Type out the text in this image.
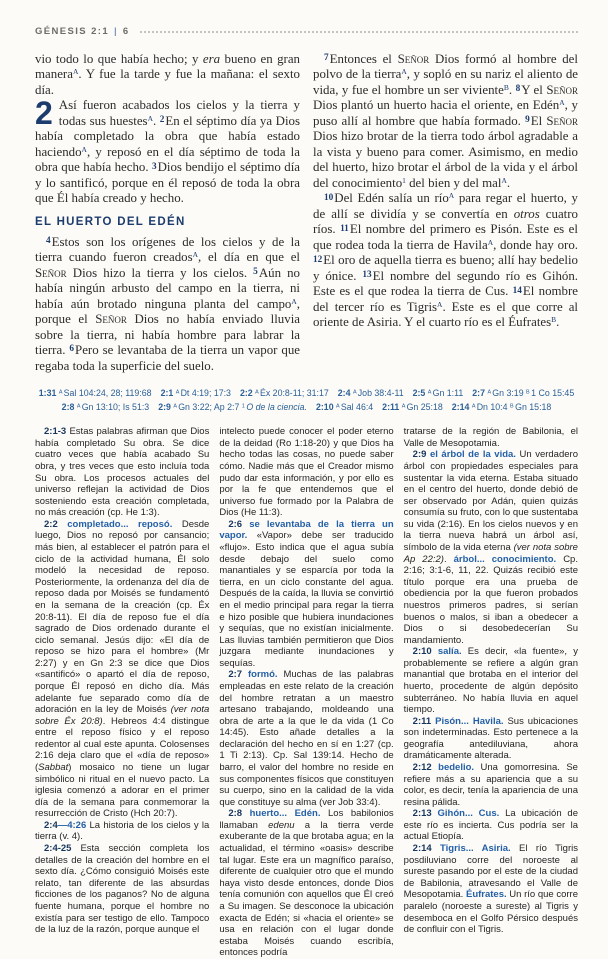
GÉNESIS 2:1 | 6

vio todo lo que había hecho; y era bueno en gran manera$^A$. Y fue la tarde y fue la mañana: el sexto día.

2 Así fueron acabados los cielos y la tierra y todas sus huestes$^A$. $^2$En el séptimo día ya Dios había completado la obra que había estado haciendo$^A$, y reposó en el día séptimo de toda la obra que había hecho. $^3$Dios bendijo el séptimo día y lo santificó, porque en él reposó de toda la obra que Él había creado y hecho.

EL HUERTO DEL EDÉN

$^4$Estos son los orígenes de los cielos y de la tierra cuando fueron creados$^A$, el día en que el Señor Dios hizo la tierra y los cielos. $^5$Aún no había ningún arbusto del campo en la tierra, ni había aún brotado ninguna planta del campo$^A$, porque el Señor Dios no había enviado lluvia sobre la tierra, ni había hombre para labrar la tierra. $^6$Pero se levantaba de la tierra un vapor que regaba toda la superficie del suelo.

$^7$Entonces el Señor Dios formó al hombre del polvo de la tierra$^A$, y sopló en su nariz el aliento de vida, y fue el hombre un ser viviente$^B$. $^8$Y el Señor Dios plantó un huerto hacia el oriente, en Edén$^A$, y puso allí al hombre que había formado. $^9$El Señor Dios hizo brotar de la tierra todo árbol agradable a la vista y bueno para comer. Asimismo, en medio del huerto, hizo brotar el árbol de la vida y el árbol del conocimiento$^1$ del bien y del mal$^A$.

$^{10}$Del Edén salía un río$^A$ para regar el huerto, y de allí se dividía y se convertía en otros cuatro ríos. $^{11}$El nombre del primero es Pisón. Este es el que rodea toda la tierra de Havila$^A$, donde hay oro. $^{12}$El oro de aquella tierra es bueno; allí hay bedelio y ónice. $^{13}$El nombre del segundo río es Gihón. Este es el que rodea la tierra de Cus. $^{14}$El nombre del tercer río es Tigris$^A$. Este es el que corre al oriente de Asiria. Y el cuarto río es el Éufrates$^B$.

1:31 $^A$ Sal 104:24, 28; 119:68 2:1 $^A$ Dt 4:19; 17:3 2:2 $^A$ Éx 20:8-11; 31:17 2:4 $^A$ Job 38:4-11 2:5 $^A$ Gn 1:11 2:7 $^A$ Gn 3:19 $^B$ 1 Co 15:45
2:8 $^A$ Gn 13:10; Is 51:3 2:9 $^A$ Gn 3:22; Ap 2:7 $^1$ O de la ciencia. 2:10 $^A$ Sal 46:4 2:11 $^A$ Gn 25:18 2:14 $^A$ Dn 10:4 $^B$ Gn 15:18

2:1-3 Estas palabras afirman que Dios había completado Su obra. Se dice cuatro veces que había acabado Su obra, y tres veces que esto incluía toda Su obra. Los procesos actuales del universo reflejan la actividad de Dios sosteniendo esta creación completada, no más creación (cp. He 1:3).

2:2 completado... reposó. Desde luego, Dios no reposó por cansancio; más bien, al establecer el patrón para el ciclo de la actividad humana, Él solo modeló la necesidad de reposo. Posteriormente, la ordenanza del día de reposo dada por Moisés se fundamentó en la semana de la creación (cp. Éx 20:8-11). El día de reposo fue el día sagrado de Dios ordenado durante el ciclo semanal. Jesús dijo: «El día de reposo se hizo para el hombre» (Mr 2:27) y en Gn 2:3 se dice que Dios «santificó» o apartó el día de reposo, porque Él reposó en dicho día. Más adelante fue separado como día de adoración en la ley de Moisés (ver nota sobre Éx 20:8). Hebreos 4:4 distingue entre el reposo físico y el reposo redentor al cual este apunta. Colosenses 2:16 deja claro que el «día de reposo» (Sabbat) mosaico no tiene un lugar simbólico ni ritual en el nuevo pacto. La iglesia comenzó a adorar en el primer día de la semana para conmemorar la resurrección de Cristo (Hch 20:7).

2:4—4:26 La historia de los cielos y la tierra (v. 4).

2:4-25 Esta sección completa los detalles de la creación del hombre en el sexto día. ¿Cómo consiguió Moisés este relato, tan diferente de las absurdas ficciones de los paganos? No de alguna fuente humana, porque el hombre no existía para ser testigo de ello. Tampoco de la luz de la razón, porque aunque el

intelecto puede conocer el poder eterno de la deidad (Ro 1:18-20) y que Dios ha hecho todas las cosas, no puede saber cómo. Nadie más que el Creador mismo pudo dar esta información, y por ello es por la fe que entendemos que el universo fue formado por la Palabra de Dios (He 11:3).

2:6 se levantaba de la tierra un vapor. «Vapor» debe ser traducido «flujo». Esto indica que el agua subía desde debajo del suelo como manantiales y se esparcía por toda la tierra, en un ciclo constante del agua. Después de la caída, la lluvia se convirtió en el medio principal para regar la tierra e hizo posible que hubiera inundaciones y sequías, que no existían inicialmente. Las lluvias también permitieron que Dios juzgara mediante inundaciones y sequías.

2:7 formó. Muchas de las palabras empleadas en este relato de la creación del hombre retratan a un maestro artesano trabajando, moldeando una obra de arte a la que le da vida (1 Co 14:45). Esto añade detalles a la declaración del hecho en sí en 1:27 (cp. 1 Ti 2:13). Cp. Sal 139:14. Hecho de barro, el valor del hombre no reside en sus componentes físicos que constituyen su cuerpo, sino en la calidad de la vida que constituye su alma (ver Job 33:4).

2:8 huerto... Edén. Los babilonios llamaban edenu a la tierra verde exuberante de la que brotaba agua; en la actualidad, el término «oasis» describe tal lugar. Este era un magnífico paraíso, diferente de cualquier otro que el mundo haya visto desde entonces, donde Dios tenía comunión con aquellos que Él creó a Su imagen. Se desconoce la ubicación exacta de Edén; si «hacia el oriente» se usa en relación con el lugar donde estaba Moisés cuando escribía, entonces podría

tratarse de la región de Babilonia, el Valle de Mesopotamia.

2:9 el árbol de la vida. Un verdadero árbol con propiedades especiales para sustentar la vida eterna. Estaba situado en el centro del huerto, donde debió de ser observado por Adán, quien quizás consumía su fruto, con lo que sustentaba su vida (2:16). En los cielos nuevos y en la tierra nueva habrá un árbol así, símbolo de la vida eterna (ver nota sobre Ap 22:2). árbol... conocimiento. Cp. 2:16; 3:1-6, 11, 22. Quizás recibió este título porque era una prueba de obediencia por la que fueron probados nuestros primeros padres, si serían buenos o malos, si iban a obedecer a Dios o si desobedecerían Su mandamiento.

2:10 salía. Es decir, «la fuente», y probablemente se refiere a algún gran manantial que brotaba en el interior del huerto, procedente de algún depósito subterráneo. No había lluvia en aquel tiempo.

2:11 Pisón... Havila. Sus ubicaciones son indeterminadas. Esto pertenece a la geografía antediluviana, ahora dramáticamente alterada.

2:12 bedelio. Una gomorresina. Se refiere más a su apariencia que a su color, es decir, tenía la apariencia de una resina pálida.

2:13 Gihón... Cus. La ubicación de este río es incierta. Cus podría ser la actual Etiopía.

2:14 Tigris... Asiria. El río Tigris posdiluviano corre del noroeste al sureste pasando por el este de la ciudad de Babilonia, atravesando el Valle de Mesopotamia. Éufrates. Un río que corre paralelo (noroeste a sureste) al Tigris y desemboca en el Golfo Pérsico después de confluir con el Tigris.
